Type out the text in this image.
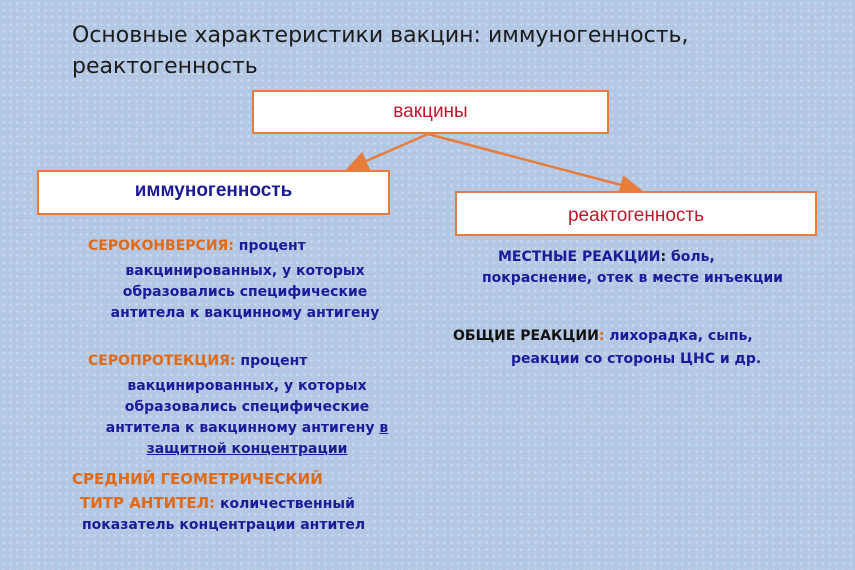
Основные характеристики вакцин: иммуногенность, реактогенность
вакцины
иммуногенность
реактогенность
СЕРОКОНВЕРСИЯ: процент
вакцинированных, у которых
образовались специфические
антитела к вакцинному антигену
СЕРОПРОТЕКЦИЯ: процент
вакцинированных, у которых
образовались специфические
антитела к вакцинному антигену в
защитной концентрации
СРЕДНИЙ ГЕОМЕТРИЧЕСКИЙ
ТИТР АНТИТЕЛ: количественный
показатель концентрации антител
МЕСТНЫЕ РЕАКЦИИ: боль,
покраснение, отек в месте инъекции
ОБЩИЕ РЕАКЦИИ: лихорадка, сыпь,
реакции со стороны ЦНС и др.
